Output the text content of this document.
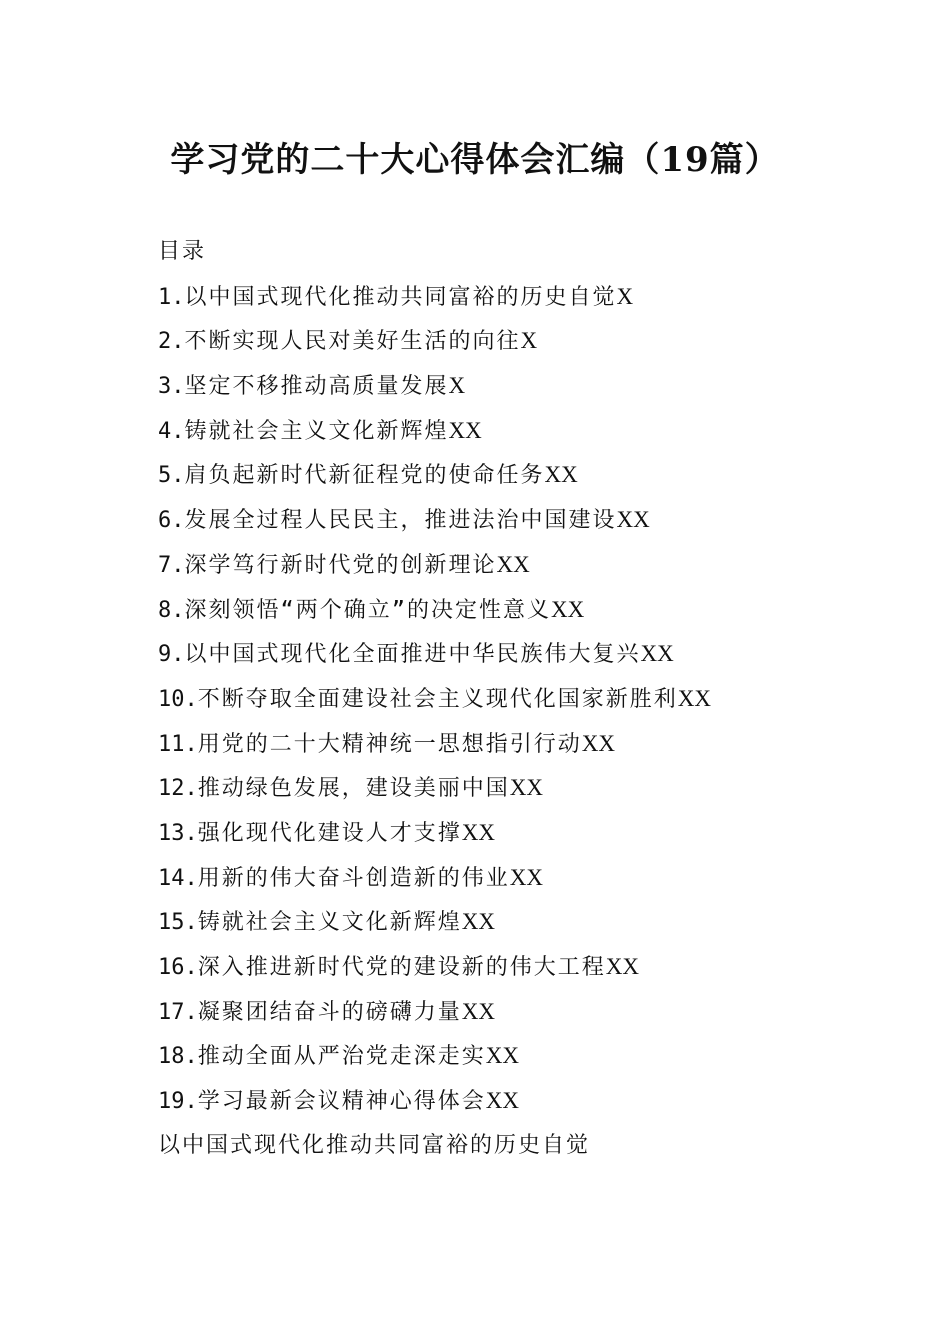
学习党的二十大心得体会汇编（19篇）
目录
1.以中国式现代化推动共同富裕的历史自觉X
2.不断实现人民对美好生活的向往X
3.坚定不移推动高质量发展X
4.铸就社会主义文化新辉煌XX
5.肩负起新时代新征程党的使命任务XX
6.发展全过程人民民主，推进法治中国建设XX
7.深学笃行新时代党的创新理论XX
8.深刻领悟“两个确立”的决定性意义XX
9.以中国式现代化全面推进中华民族伟大复兴XX
10.不断夺取全面建设社会主义现代化国家新胜利XX
11.用党的二十大精神统一思想指引行动XX
12.推动绿色发展，建设美丽中国XX
13.强化现代化建设人才支撑XX
14.用新的伟大奋斗创造新的伟业XX
15.铸就社会主义文化新辉煌XX
16.深入推进新时代党的建设新的伟大工程XX
17.凝聚团结奋斗的磅礴力量XX
18.推动全面从严治党走深走实XX
19.学习最新会议精神心得体会XX
以中国式现代化推动共同富裕的历史自觉
